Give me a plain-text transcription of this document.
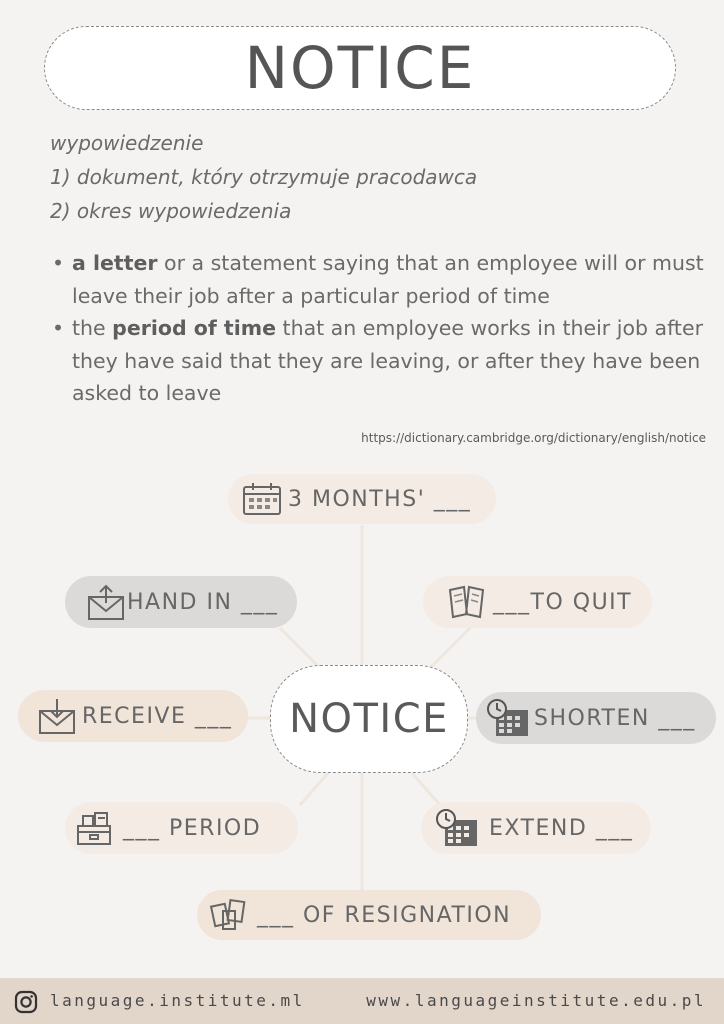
NOTICE
wypowiedzenie
1) dokument, który otrzymuje pracodawca
2) okres wypowiedzenia
• a letter or a statement saying that an employee will or must leave their job after a particular period of time
• the period of time that an employee works in their job after they have said that they are leaving, or after they have been asked to leave
https://dictionary.cambridge.org/dictionary/english/notice
NOTICE
3 MONTHS' ___
HAND IN ___	___TO QUIT
RECEIVE ___	SHORTEN ___
___ PERIOD	EXTEND ___
___ OF RESIGNATION
language.institute.ml	www.languageinstitute.edu.pl
